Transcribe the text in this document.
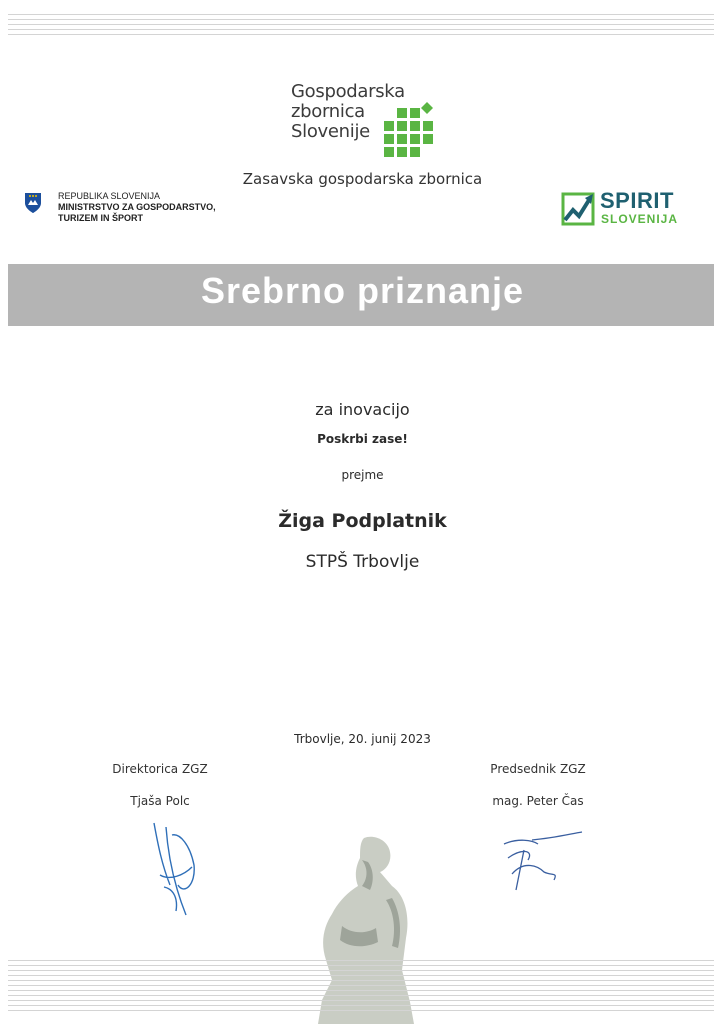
Gospodarska
zbornica
Slovenije
Zasavska gospodarska zbornica
REPUBLIKA SLOVENIJA
MINISTRSTVO ZA GOSPODARSTVO,
TURIZEM IN ŠPORT
SPIRIT
SLOVENIJA
Srebrno priznanje
za inovacijo
Poskrbi zase!
prejme
Žiga Podplatnik
STPŠ Trbovlje
Trbovlje, 20. junij 2023
Direktorica ZGZ
Tjaša Polc
Predsednik ZGZ
mag. Peter Čas
